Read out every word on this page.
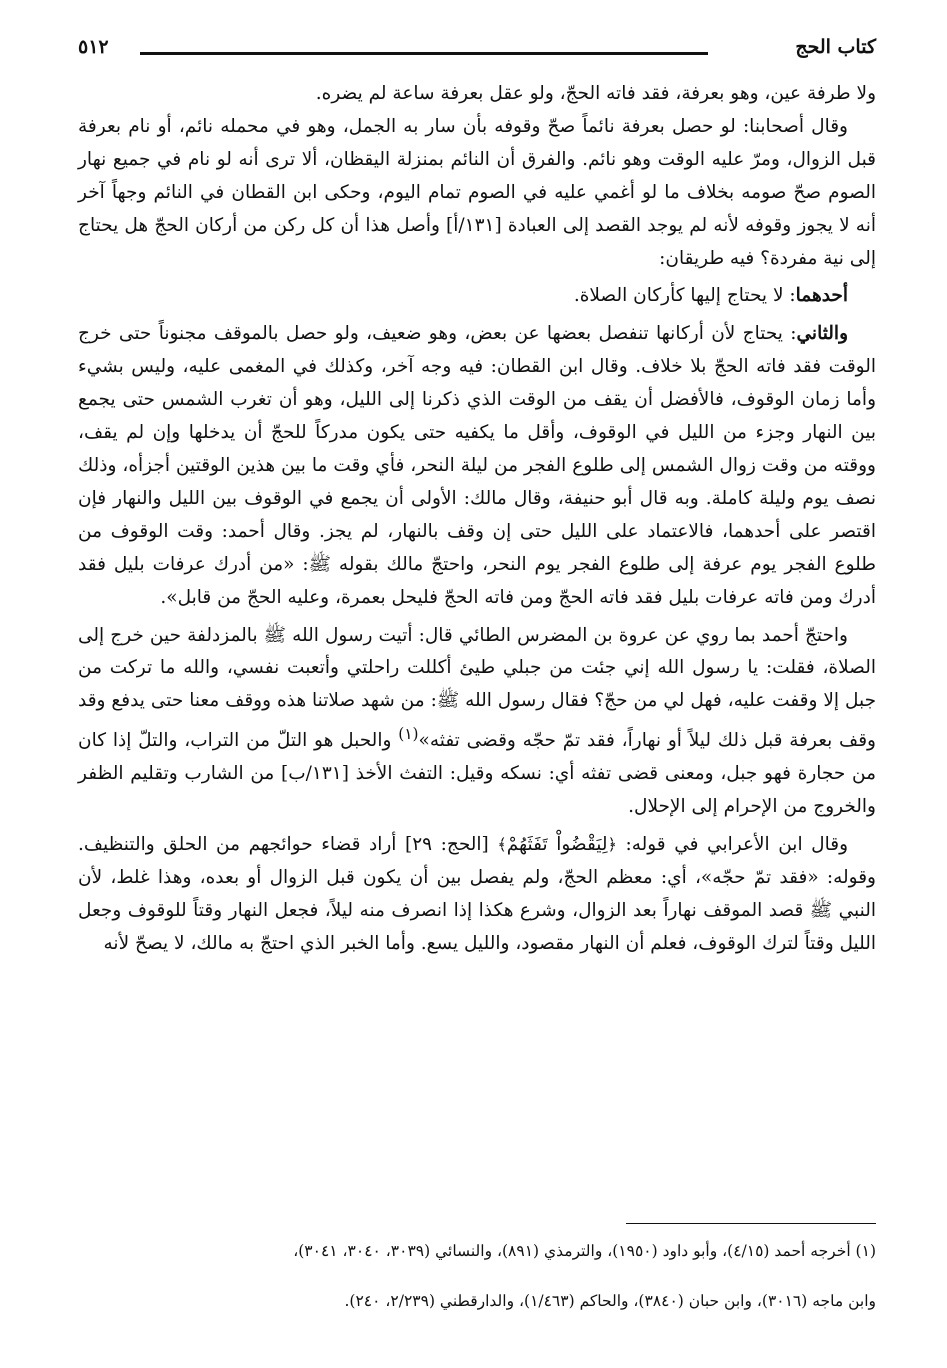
كتاب الحج
٥١٢

ولا طرفة عين، وهو بعرفة، فقد فاته الحجّ، ولو عقل بعرفة ساعة لم يضره.

وقال أصحابنا: لو حصل بعرفة نائماً صحّ وقوفه بأن سار به الجمل، وهو في محمله نائم، أو نام بعرفة قبل الزوال، ومرّ عليه الوقت وهو نائم. والفرق أن النائم بمنزلة اليقظان، ألا ترى أنه لو نام في جميع نهار الصوم صحّ صومه بخلاف ما لو أغمي عليه في الصوم تمام اليوم، وحكى ابن القطان في النائم وجهاً آخر أنه لا يجوز وقوفه لأنه لم يوجد القصد إلى العبادة [١٣١/أ] وأصل هذا أن كل ركن من أركان الحجّ هل يحتاج إلى نية مفردة؟ فيه طريقان:

أحدهما: لا يحتاج إليها كأركان الصلاة.

والثاني: يحتاج لأن أركانها تنفصل بعضها عن بعض، وهو ضعيف، ولو حصل بالموقف مجنوناً حتى خرج الوقت فقد فاته الحجّ بلا خلاف. وقال ابن القطان: فيه وجه آخر، وكذلك في المغمى عليه، وليس بشيء وأما زمان الوقوف، فالأفضل أن يقف من الوقت الذي ذكرنا إلى الليل، وهو أن تغرب الشمس حتى يجمع بين النهار وجزء من الليل في الوقوف، وأقل ما يكفيه حتى يكون مدركاً للحجّ أن يدخلها وإن لم يقف، ووقته من وقت زوال الشمس إلى طلوع الفجر من ليلة النحر، فأي وقت ما بين هذين الوقتين أجزأه، وذلك نصف يوم وليلة كاملة. وبه قال أبو حنيفة، وقال مالك: الأولى أن يجمع في الوقوف بين الليل والنهار فإن اقتصر على أحدهما، فالاعتماد على الليل حتى إن وقف بالنهار، لم يجز. وقال أحمد: وقت الوقوف من طلوع الفجر يوم عرفة إلى طلوع الفجر يوم النحر، واحتجّ مالك بقوله ﷺ: «من أدرك عرفات بليل فقد أدرك ومن فاته عرفات بليل فقد فاته الحجّ ومن فاته الحجّ فليحل بعمرة، وعليه الحجّ من قابل».

واحتجّ أحمد بما روي عن عروة بن المضرس الطائي قال: أتيت رسول الله ﷺ بالمزدلفة حين خرج إلى الصلاة، فقلت: يا رسول الله إني جئت من جبلي طيئ أكللت راحلتي وأتعبت نفسي، والله ما تركت من جبل إلا وقفت عليه، فهل لي من حجّ؟ فقال رسول الله ﷺ: من شهد صلاتنا هذه ووقف معنا حتى يدفع وقد وقف بعرفة قبل ذلك ليلاً أو نهاراً، فقد تمّ حجّه وقضى تفثه»$^{(١)}$ والحبل هو التلّ من التراب، والتلّ إذا كان من حجارة فهو جبل، ومعنى قضى تفثه أي: نسكه وقيل: التفث الأخذ [١٣١/ب] من الشارب وتقليم الظفر والخروج من الإحرام إلى الإحلال.

وقال ابن الأعرابي في قوله: ﴿لِيَقْضُواْ تَفَثَهُمْ﴾ [الحج: ٢٩] أراد قضاء حوائجهم من الحلق والتنظيف. وقوله: «فقد تمّ حجّه»، أي: معظم الحجّ، ولم يفصل بين أن يكون قبل الزوال أو بعده، وهذا غلط، لأن النبي ﷺ قصد الموقف نهاراً بعد الزوال، وشرع هكذا إذا انصرف منه ليلاً، فجعل النهار وقتاً للوقوف وجعل الليل وقتاً لترك الوقوف، فعلم أن النهار مقصود، والليل يسع. وأما الخبر الذي احتجّ به مالك، لا يصحّ لأنه

(١) أخرجه أحمد (٤/١٥)، وأبو داود (١٩٥٠)، والترمذي (٨٩١)، والنسائي (٣٠٣٩، ٣٠٤٠، ٣٠٤١)،

وابن ماجه (٣٠١٦)، وابن حبان (٣٨٤٠)، والحاكم (١/٤٦٣)، والدارقطني (٢/٢٣٩، ٢٤٠).
